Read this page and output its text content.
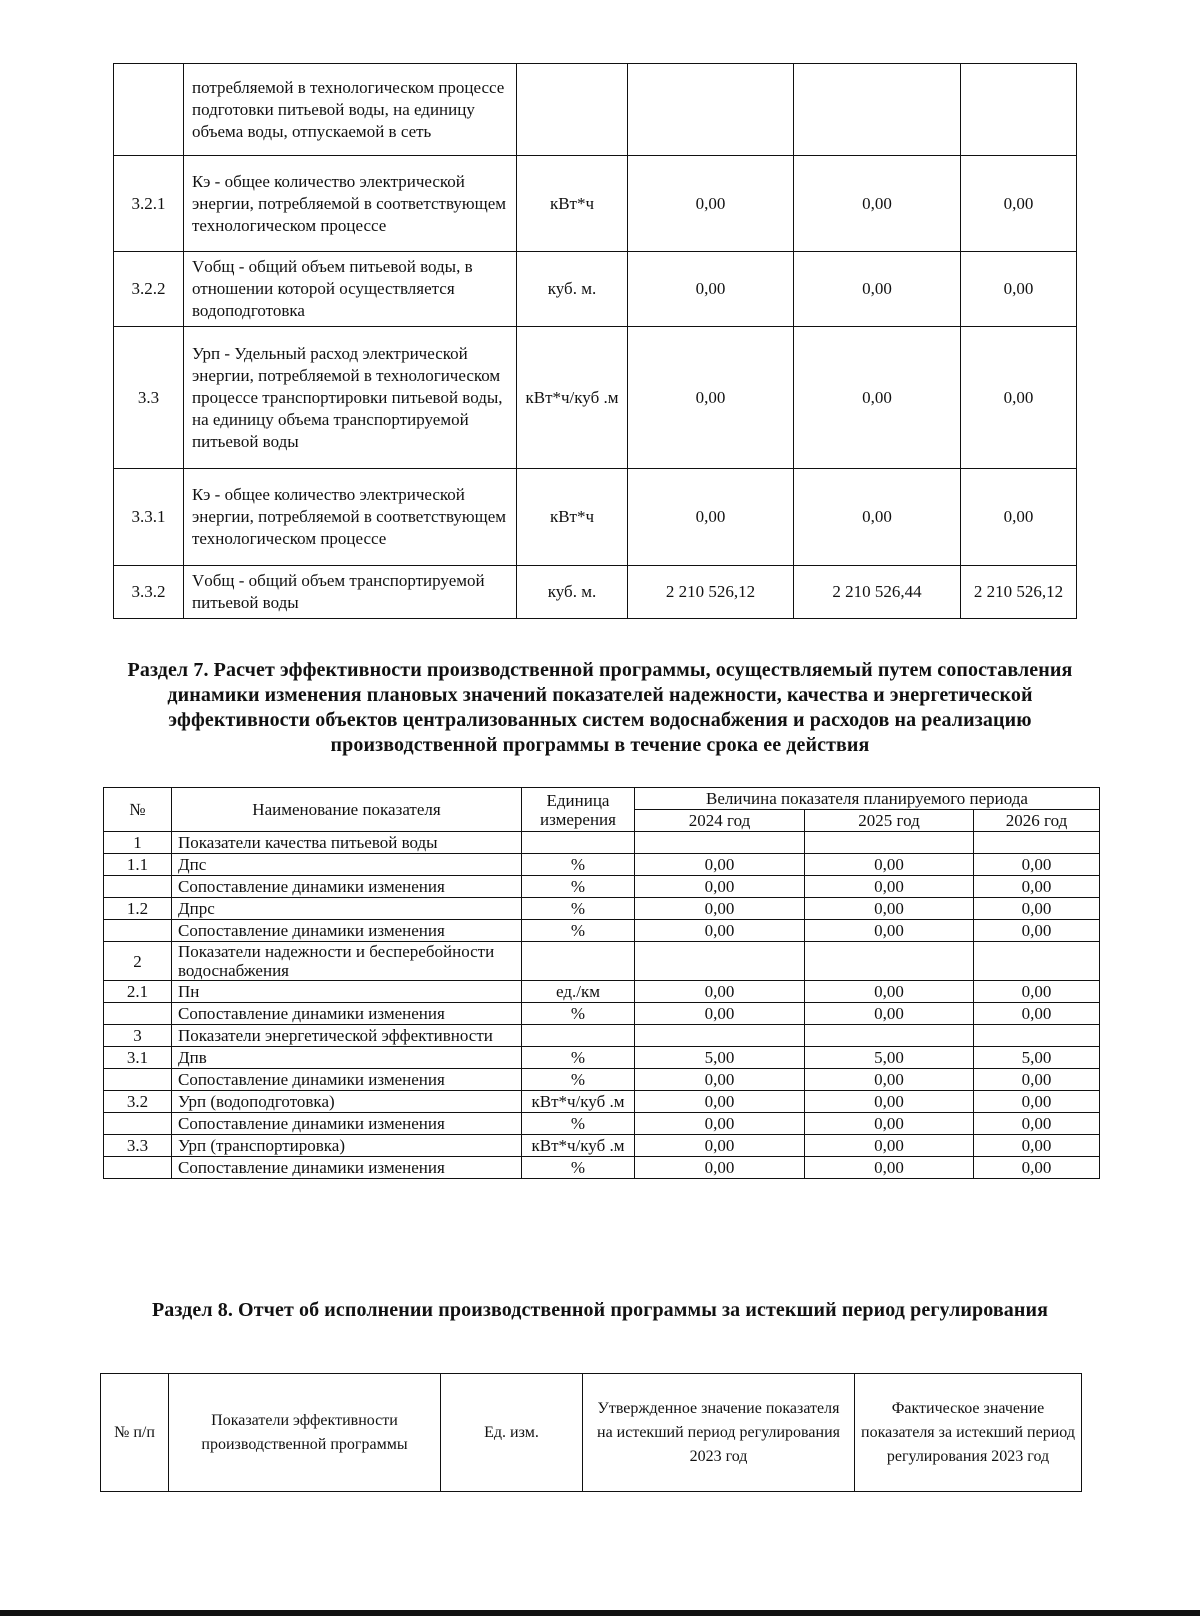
	потребляемой в технологическом процессе подготовки питьевой воды, на единицу объема воды, отпускаемой в сеть				
3.2.1	Кэ - общее количество электрической энергии, потребляемой в соответствующем технологическом процессе	кВт*ч	0,00	0,00	0,00
3.2.2	Vобщ - общий объем питьевой воды, в отношении которой осуществляется водоподготовка	куб. м.	0,00	0,00	0,00
3.3	Урп - Удельный расход электрической энергии, потребляемой в технологическом процессе транспортировки питьевой воды, на единицу объема транспортируемой питьевой воды	кВт*ч/куб .м	0,00	0,00	0,00
3.3.1	Кэ - общее количество электрической энергии, потребляемой в соответствующем технологическом процессе	кВт*ч	0,00	0,00	0,00
3.3.2	Vобщ - общий объем транспортируемой питьевой воды	куб. м.	2 210 526,12	2 210 526,44	2 210 526,12
Раздел 7. Расчет эффективности производственной программы, осуществляемый путем сопоставления динамики изменения плановых значений показателей надежности, качества и энергетической эффективности объектов централизованных систем водоснабжения и расходов на реализацию производственной программы в течение срока ее действия
№	Наименование показателя	Единица измерения	Величина показателя планируемого периода		
			2024 год	2025 год	2026 год
1	Показатели качества питьевой воды				
1.1	Дпс	%	0,00	0,00	0,00
	Сопоставление динамики изменения	%	0,00	0,00	0,00
1.2	Дпрс	%	0,00	0,00	0,00
	Сопоставление динамики изменения	%	0,00	0,00	0,00
2	Показатели надежности и бесперебойности водоснабжения				
2.1	Пн	ед./км	0,00	0,00	0,00
	Сопоставление динамики изменения	%	0,00	0,00	0,00
3	Показатели энергетической эффективности				
3.1	Дпв	%	5,00	5,00	5,00
	Сопоставление динамики изменения	%	0,00	0,00	0,00
3.2	Урп (водоподготовка)	кВт*ч/куб .м	0,00	0,00	0,00
	Сопоставление динамики изменения	%	0,00	0,00	0,00
3.3	Урп (транспортировка)	кВт*ч/куб .м	0,00	0,00	0,00
	Сопоставление динамики изменения	%	0,00	0,00	0,00
Раздел 8. Отчет об исполнении производственной программы за истекший период регулирования
№ п/п	Показатели эффективности производственной программы	Ед. изм.	Утвержденное значение показателя на истекший период регулирования 2023 год	Фактическое значение показателя за истекший период регулирования 2023 год
